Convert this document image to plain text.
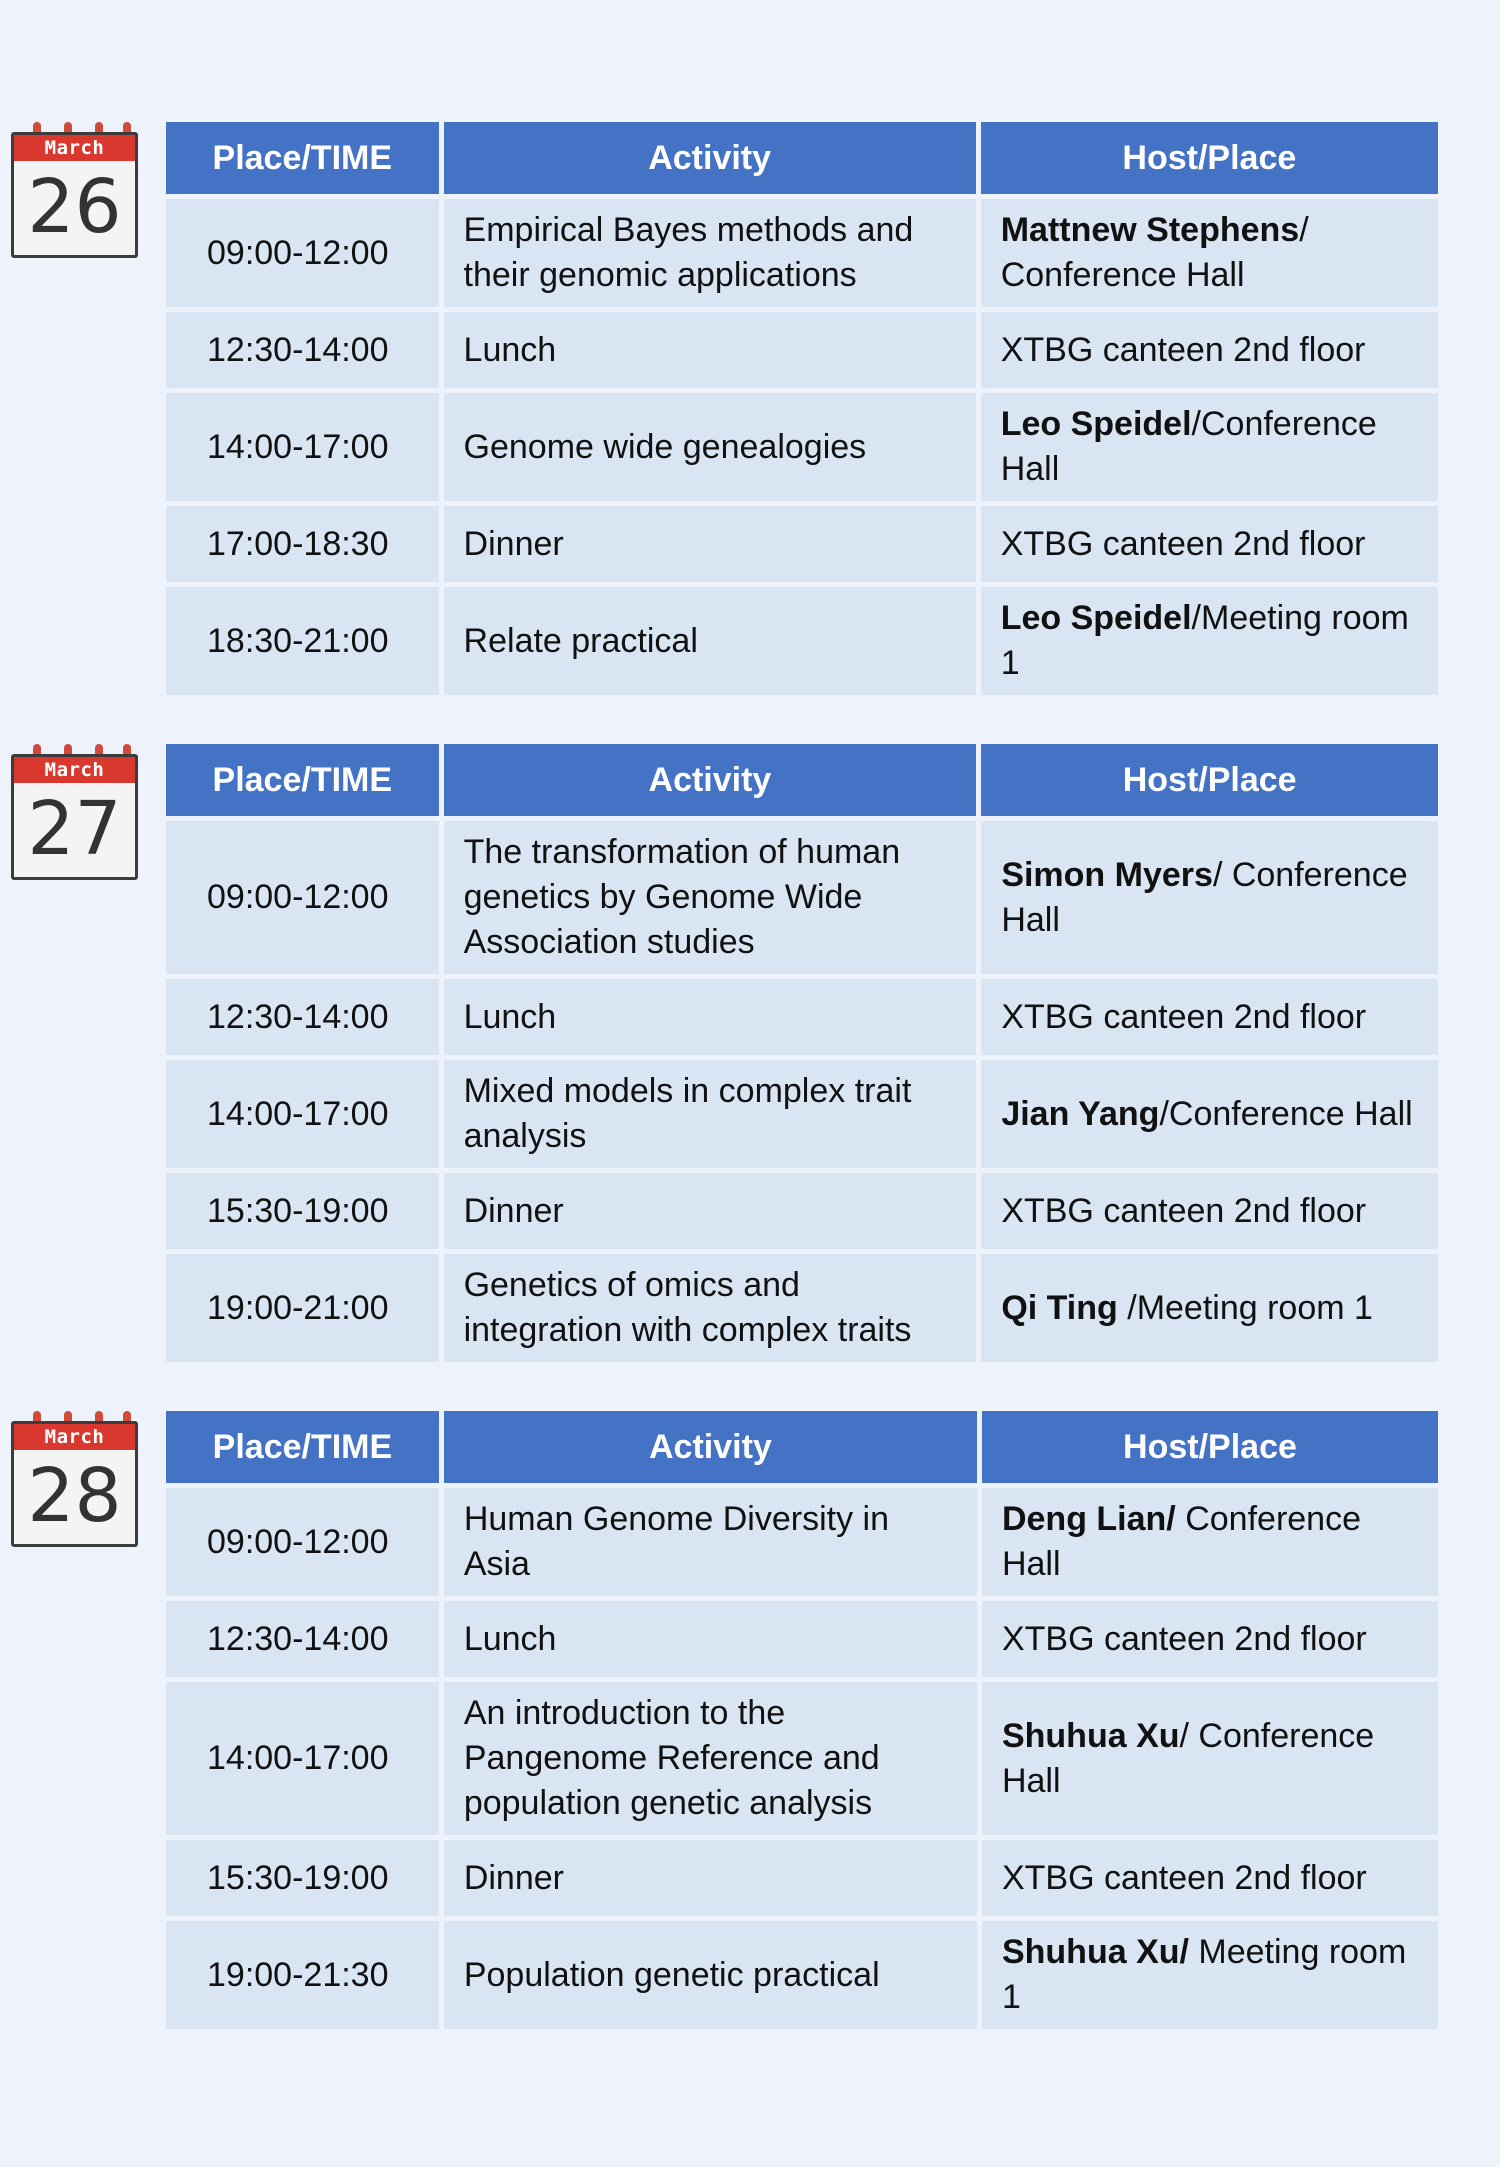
March
26
Place/TIME	Activity	Host/Place
09:00-12:00	Empirical Bayes methods and their genomic applications	Mattnew Stephens/ Conference Hall
12:30-14:00	Lunch	XTBG canteen 2nd floor
14:00-17:00	Genome wide genealogies	Leo Speidel/Conference Hall
17:00-18:30	Dinner	XTBG canteen 2nd floor
18:30-21:00	Relate practical	Leo Speidel/Meeting room 1
March
27
Place/TIME	Activity	Host/Place
09:00-12:00	The transformation of human genetics by Genome Wide Association studies	Simon Myers/ Conference Hall
12:30-14:00	Lunch	XTBG canteen 2nd floor
14:00-17:00	Mixed models in complex trait analysis	Jian Yang/Conference Hall
15:30-19:00	Dinner	XTBG canteen 2nd floor
19:00-21:00	Genetics of omics and integration with complex traits	Qi Ting /Meeting room 1
March
28
Place/TIME	Activity	Host/Place
09:00-12:00	Human Genome Diversity in Asia	Deng Lian/ Conference Hall
12:30-14:00	Lunch	XTBG canteen 2nd floor
14:00-17:00	An introduction to the Pangenome Reference and population genetic analysis	Shuhua Xu/ Conference Hall
15:30-19:00	Dinner	XTBG canteen 2nd floor
19:00-21:30	Population genetic practical	Shuhua Xu/ Meeting room 1
